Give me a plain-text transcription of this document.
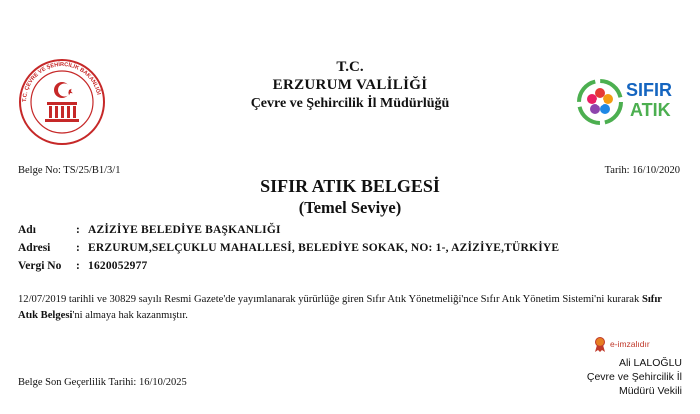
T.C. ÇEVRE VE ŞEHİRCİLİK BAKANLIĞI
T.C.
ERZURUM VALİLİĞİ
Çevre ve Şehircilik İl Müdürlüğü
SIFIR
ATIK
Belge No: TS/25/B1/3/1	Tarih: 16/10/2020
SIFIR ATIK BELGESİ
(Temel Seviye)
Adı	: AZİZİYE BELEDİYE BAŞKANLIĞI
Adresi : ERZURUM,SELÇUKLU MAHALLESİ, BELEDİYE SOKAK, NO: 1-, AZİZİYE,TÜRKİYE
Vergi No : 1620052977
12/07/2019 tarihli ve 30829 sayılı Resmi Gazete'de yayımlanarak yürürlüğe giren Sıfır Atık Yönetmeliği'nce Sıfır Atık Yönetim Sistemi'ni kurarak Sıfır Atık Belgesi'ni almaya hak kazanmıştır.
e-imzalıdır
Ali LALOĞLU
Çevre ve Şehircilik İl
Müdürü Vekili
Belge Son Geçerlilik Tarihi: 16/10/2025
